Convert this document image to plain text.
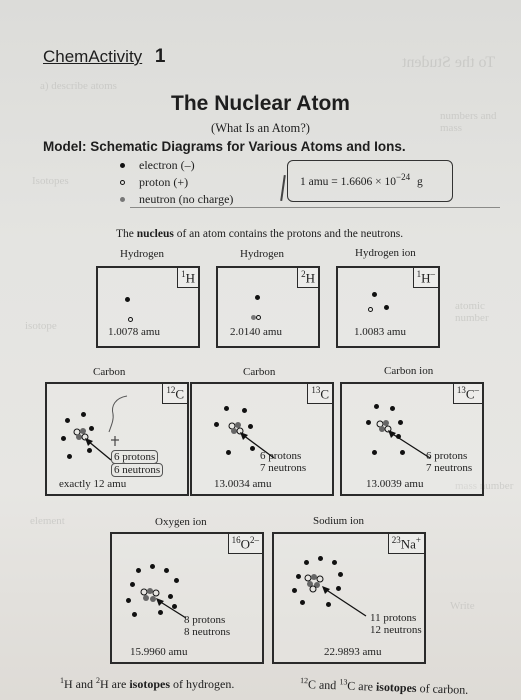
To the Student
a) describe atoms
numbers and mass
Isotopes
atomic number
isotope
mass number
element
Write
ChemActivity 1
The Nuclear Atom
(What Is an Atom?)
Model: Schematic Diagrams for Various Atoms and Ions.
electron (–)
proton (+)
neutron (no charge)
1 amu = $1.6606 \times 10^{-24}$ g
The nucleus of an atom contains the protons and the neutrons.
Hydrogen	Hydrogen	Hydrogen ion
$^1$H
1.0078 amu
$^2$H
2.0140 amu
$^1$H–
1.0083 amu
Carbon	Carbon	Carbon ion
$^{12}$C
6 protons
6 neutrons
exactly 12 amu
$^{13}$C
6 protons
7 neutrons
13.0034 amu
$^{13}$C–
6 protons
7 neutrons
13.0039 amu
Oxygen ion	Sodium ion
$^{16}O^{2-}$
8 protons
8 neutrons
15.9960 amu
$^{23}$Na+
11 protons
12 neutrons
22.9893 amu
$^1$H and $^2$H are isotopes of hydrogen.	$^{12}$C and $^{13}$C are isotopes of carbon.
